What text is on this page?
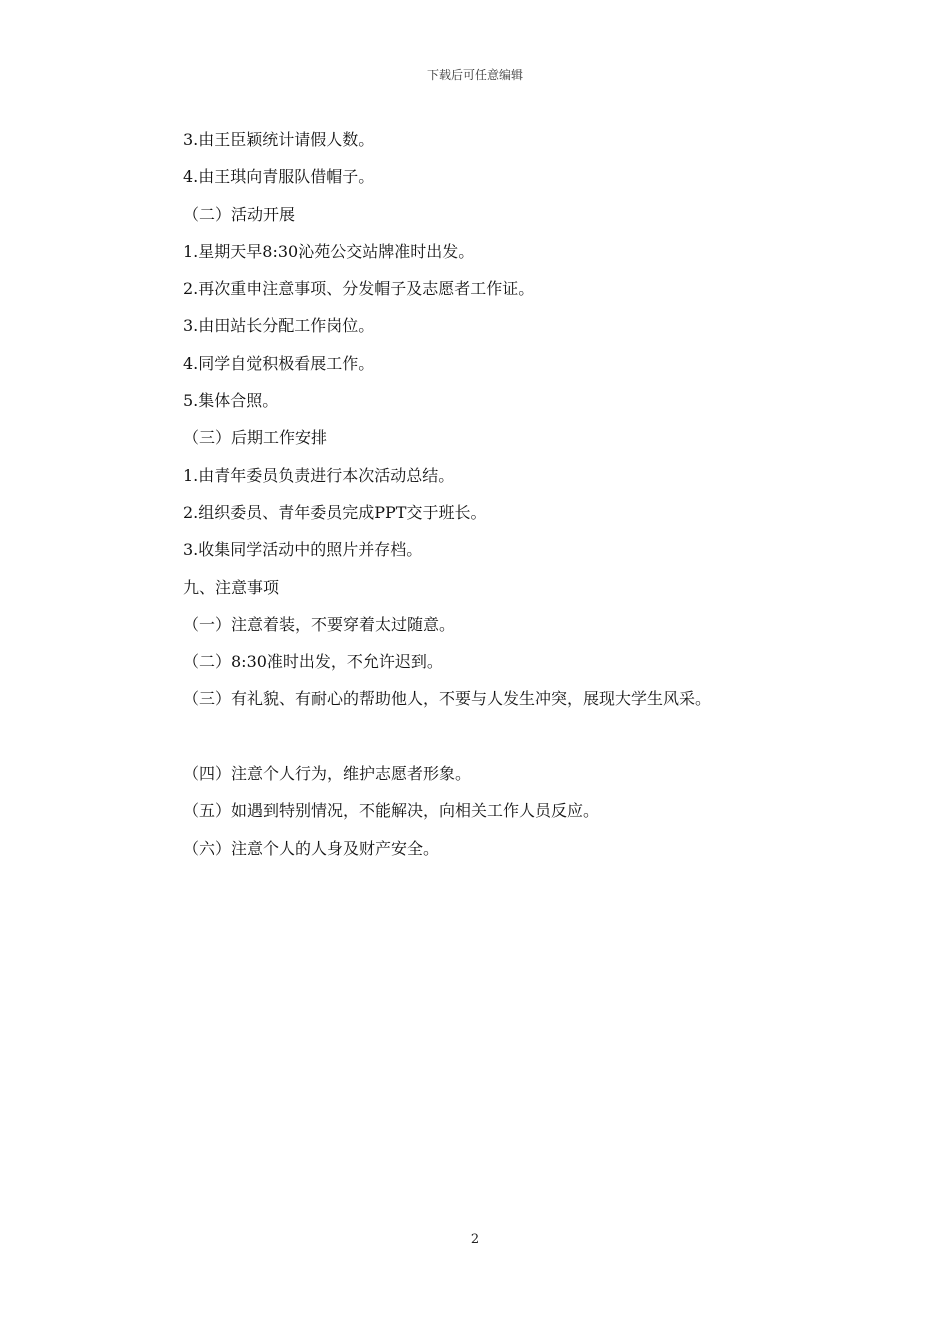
下载后可任意编辑
3.由王臣颖统计请假人数。
4.由王琪向青服队借帽子。
（二）活动开展
1.星期天早8:30沁苑公交站牌准时出发。
2.再次重申注意事项、分发帽子及志愿者工作证。
3.由田站长分配工作岗位。
4.同学自觉积极看展工作。
5.集体合照。
（三）后期工作安排
1.由青年委员负责进行本次活动总结。
2.组织委员、青年委员完成PPT交于班长。
3.收集同学活动中的照片并存档。
九、注意事项
（一）注意着装，不要穿着太过随意。
（二）8:30准时出发，不允许迟到。
（三）有礼貌、有耐心的帮助他人，不要与人发生冲突，展现大学生风采。
（四）注意个人行为，维护志愿者形象。
（五）如遇到特别情况，不能解决，向相关工作人员反应。
（六）注意个人的人身及财产安全。
2
